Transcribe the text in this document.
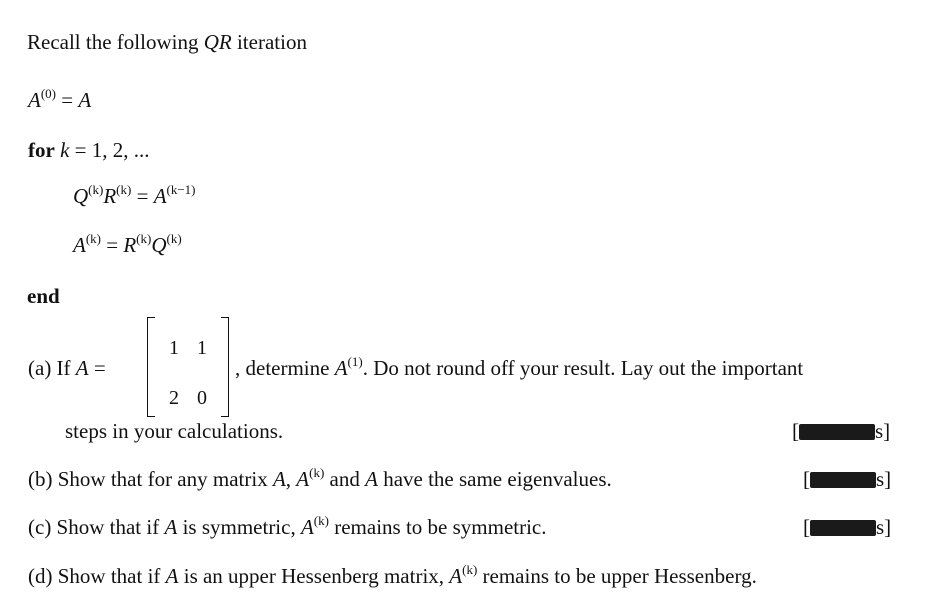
Recall the following QR iteration
$A^{(0)} = A$
for k = 1, 2, ...
$Q^{(k)}R^{(k)} = A^{(k-1)}$
$A^{(k)} = R^{(k)}Q^{(k)}$
end
(a) If A =
1 1
2 0
, determine $A^{(1)}$. Do not round off your result. Lay out the important
steps in your calculations.	[	s]
(b) Show that for any matrix A, $A^{(k)}$ and A have the same eigenvalues.	[	s]
(c) Show that if A is symmetric, $A^{(k)}$ remains to be symmetric.	[	s]
(d) Show that if A is an upper Hessenberg matrix, $A^{(k)}$ remains to be upper Hessenberg.
